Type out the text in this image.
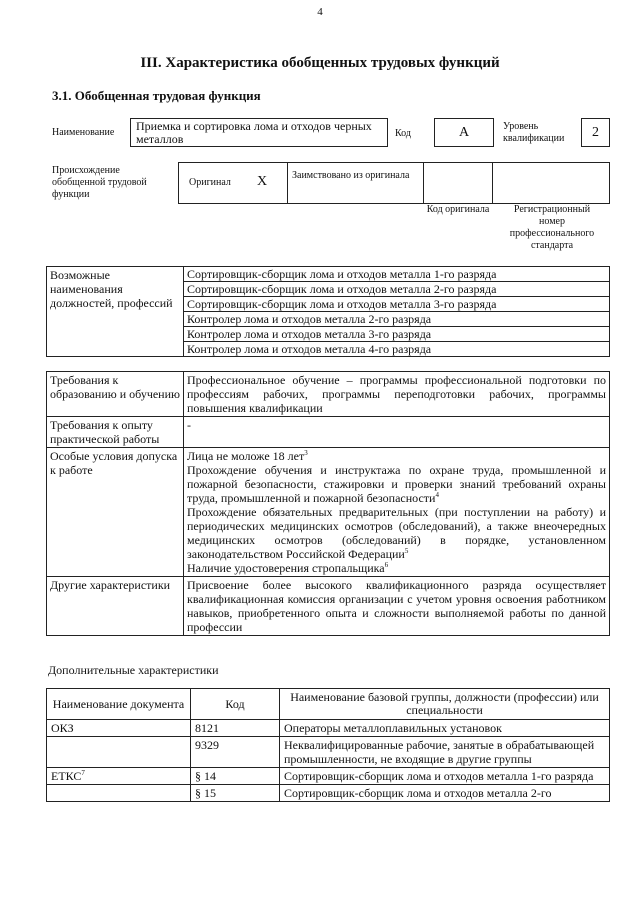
4
III. Характеристика обобщенных трудовых функций
3.1. Обобщенная трудовая функция
Наименование	Приемка и сортировка лома и отходов черных металлов	Код	А	Уровень квалификации	2
Происхождение обобщенной трудовой функции
Оригинал X Заимствовано из оригинала
Код оригинала	Регистрационный номер профессионального стандарта
Возможные наименования должностей, профессий	
Сортировщик-сборщик лома и отходов металла 1-го разряда
Сортировщик-сборщик лома и отходов металла 2-го разряда
Сортировщик-сборщик лома и отходов металла 3-го разряда
Контролер лома и отходов металла 2-го разряда
Контролер лома и отходов металла 3-го разряда
Контролер лома и отходов металла 4-го разряда
Требования к образованию и обучению	Профессиональное обучение – программы профессиональной подготовки по профессиям рабочих, программы переподготовки рабочих, программы повышения квалификации
Требования к опыту практической работы	-
Особые условия допуска к работе	Лица не моложе 18 лет$^3$
Прохождение обучения и инструктажа по охране труда, промышленной и пожарной безопасности, стажировки и проверки знаний требований охраны труда, промышленной и пожарной безопасности$^4$
Прохождение обязательных предварительных (при поступлении на работу) и периодических медицинских осмотров (обследований), а также внеочередных медицинских осмотров (обследований) в порядке, установленном законодательством Российской Федерации$^5$
Наличие удостоверения стропальщика$^6$

Другие характеристики	Присвоение более высокого квалификационного разряда осуществляет квалификационная комиссия организации с учетом уровня освоения работником навыков, приобретенного опыта и сложности выполняемой работы по данной профессии
Дополнительные характеристики
Наименование документа	Код	Наименование базовой группы, должности (профессии) или специальности
ОКЗ	8121	Операторы металлоплавильных установок
	9329	Неквалифицированные рабочие, занятые в обрабатывающей промышленности, не входящие в другие группы
ЕТКС$^7$	§ 14	Сортировщик-сборщик лома и отходов металла 1-го разряда
	§ 15	Сортировщик-сборщик лома и отходов металла 2-го
